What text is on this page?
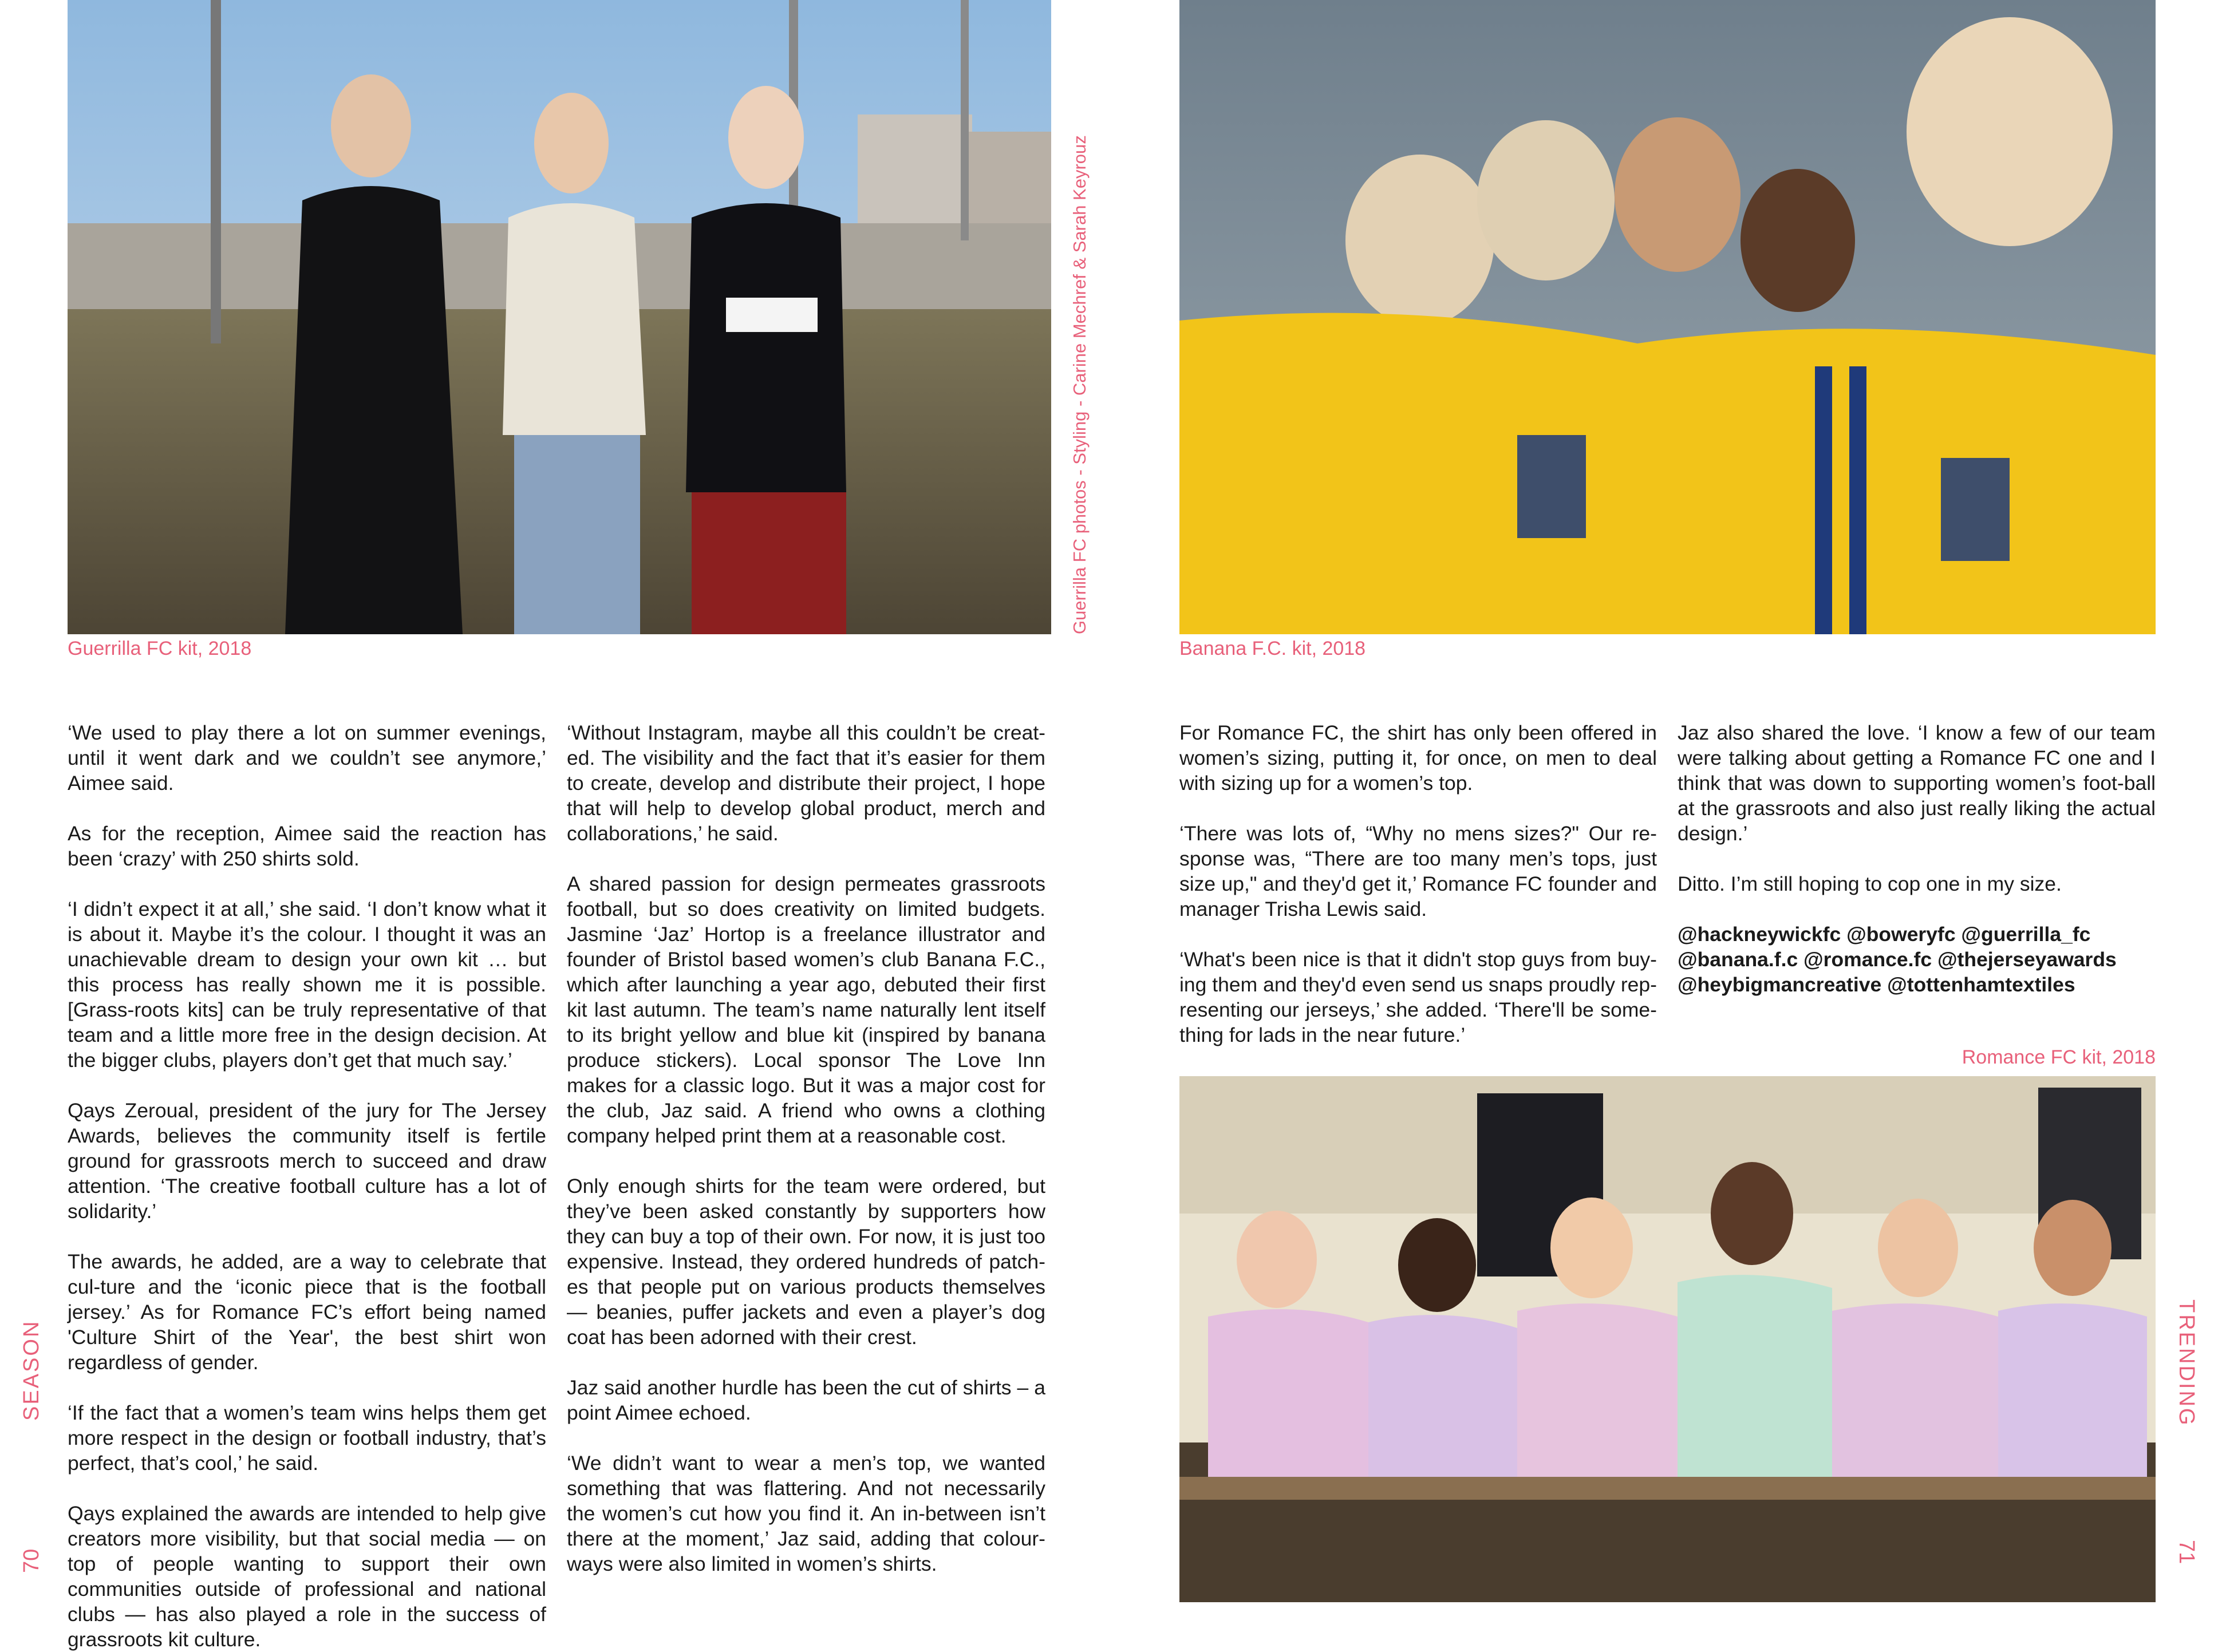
Guerrilla FC kit, 2018
Guerrilla FC photos - Styling - Carine Mechref & Sarah Keyrouz
SEASON
70

‘We used to play there a lot on summer evenings, until it went dark and we couldn’t see anymore,’ Aimee said.

As for the reception, Aimee said the reaction has been ‘crazy’ with 250 shirts sold.

‘I didn’t expect it at all,’ she said. ‘I don’t know what it is about it. Maybe it’s the colour. I thought it was an unachievable dream to design your own kit … but this process has really shown me it is possible. [Grass-roots kits] can be truly representative of that team and a little more free in the design decision. At the bigger clubs, players don’t get that much say.’

Qays Zeroual, president of the jury for The Jersey Awards, believes the community itself is fertile ground for grassroots merch to succeed and draw attention. ‘The creative football culture has a lot of solidarity.’

The awards, he added, are a way to celebrate that cul-ture and the ‘iconic piece that is the football jersey.’ As for Romance FC’s effort being named 'Culture Shirt of the Year', the best shirt won regardless of gender.

‘If the fact that a women’s team wins helps them get more respect in the design or football industry, that’s perfect, that’s cool,’ he said.

Qays explained the awards are intended to help give creators more visibility, but that social media — on top of people wanting to support their own communities outside of professional and national clubs — has also played a role in the success of grassroots kit culture.

‘Without Instagram, maybe all this couldn’t be creat-ed. The visibility and the fact that it’s easier for them to create, develop and distribute their project, I hope that will help to develop global product, merch and collaborations,’ he said.

A shared passion for design permeates grassroots football, but so does creativity on limited budgets. Jasmine ‘Jaz’ Hortop is a freelance illustrator and founder of Bristol based women’s club Banana F.C., which after launching a year ago, debuted their first kit last autumn. The team’s name naturally lent itself to its bright yellow and blue kit (inspired by banana produce stickers). Local sponsor The Love Inn makes for a classic logo. But it was a major cost for the club, Jaz said. A friend who owns a clothing company helped print them at a reasonable cost.

Only enough shirts for the team were ordered, but they’ve been asked constantly by supporters how they can buy a top of their own. For now, it is just too expensive. Instead, they ordered hundreds of patch-es that people put on various products themselves — beanies, puffer jackets and even a player’s dog coat has been adorned with their crest.

Jaz said another hurdle has been the cut of shirts – a point Aimee echoed.

‘We didn’t want to wear a men’s top, we wanted something that was flattering. And not necessarily the women’s cut how you find it. An in-between isn’t there at the moment,’ Jaz said, adding that colour-ways were also limited in women’s shirts.

Banana F.C. kit, 2018

For Romance FC, the shirt has only been offered in women’s sizing, putting it, for once, on men to deal with sizing up for a women’s top.

‘There was lots of, “Why no mens sizes?" Our re-sponse was, “There are too many men’s tops, just size up," and they'd get it,’ Romance FC founder and manager Trisha Lewis said.

‘What's been nice is that it didn't stop guys from buy-ing them and they'd even send us snaps proudly rep-resenting our jerseys,’ she added. ‘There'll be some-thing for lads in the near future.’

Jaz also shared the love. ‘I know a few of our team were talking about getting a Romance FC one and I think that was down to supporting women’s foot-ball at the grassroots and also just really liking the actual design.’

Ditto. I’m still hoping to cop one in my size.

@hackneywickfc @boweryfc @guerrilla_fc
@banana.f.c @romance.fc @thejerseyawards
@heybigmancreative @tottenhamtextiles
Romance FC kit, 2018
TRENDING
71
